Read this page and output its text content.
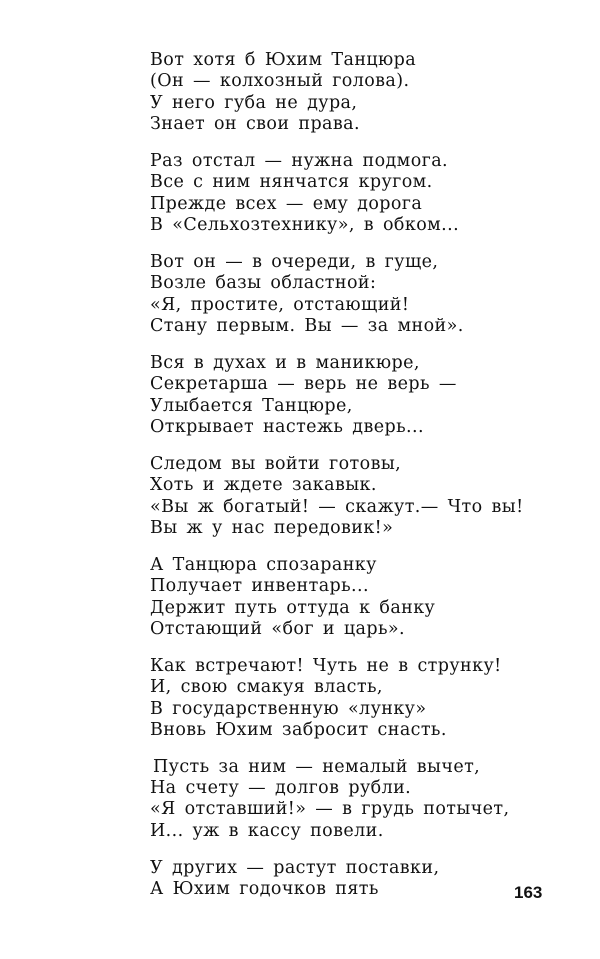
Вот хотя б Юхим Танцюра
(Он — колхозный голова).
У него губа не дура,
Знает он свои права.
Раз отстал — нужна подмога.
Все с ним нянчатся кругом.
Прежде всех — ему дорога
В «Сельхозтехнику», в обком...
Вот он — в очереди, в гуще,
Возле базы областной:
«Я, простите, отстающий!
Стану первым. Вы — за мной».
Вся в духах и в маникюре,
Секретарша — верь не верь —
Улыбается Танцюре,
Открывает настежь дверь...
Следом вы войти готовы,
Хоть и ждете закавык.
«Вы ж богатый! — скажут.— Что вы!
Вы ж у нас передовик!»
А Танцюра спозаранку
Получает инвентарь...
Держит путь оттуда к банку
Отстающий «бог и царь».
Как встречают! Чуть не в струнку!
И, свою смакуя власть,
В государственную «лунку»
Вновь Юхим забросит снасть.
Пусть за ним — немалый вычет,
На счету — долгов рубли.
«Я отставший!» — в грудь потычет,
И... уж в кассу повели.
У других — растут поставки,
А Юхим годочков пять	163
